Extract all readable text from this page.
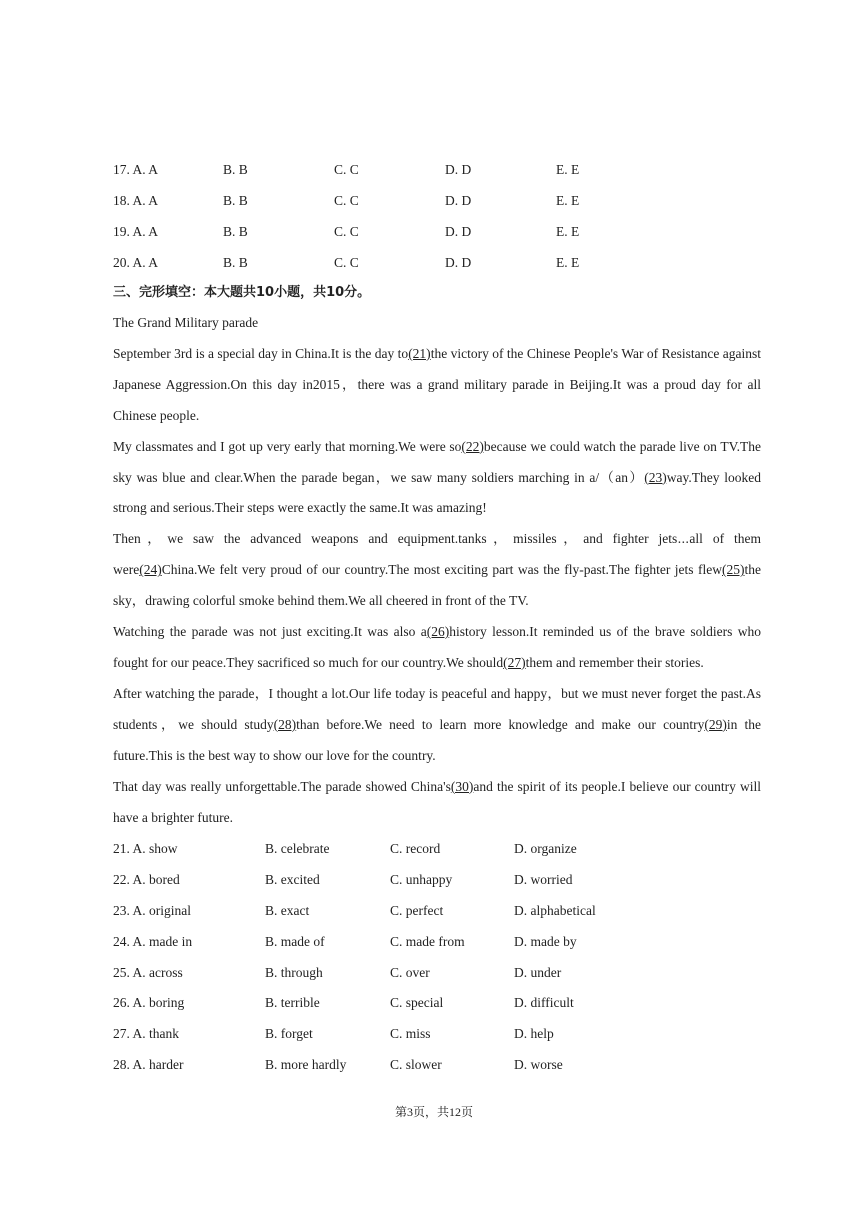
17. A. A	B. B	C. C	D. D	E. E
18. A. A	B. B	C. C	D. D	E. E
19. A. A	B. B	C. C	D. D	E. E
20. A. A	B. B	C. C	D. D	E. E
三、完形填空：本大题共10小题，共10分。

The Grand Military parade

September 3rd is a special day in China.It is the day to(21)the victory of the Chinese People's War of Resistance against Japanese Aggression.On this day in2015，there was a grand military parade in Beijing.It was a proud day for all Chinese people.

My classmates and I got up very early that morning.We were so(22)because we could watch the parade live on TV.The sky was blue and clear.When the parade began，we saw many soldiers marching in a/（an）(23)way.They looked strong and serious.Their steps were exactly the same.It was amazing!

Then，we saw the advanced weapons and equipment.tanks，missiles，and fighter jets⋯all of them were(24)China.We felt very proud of our country.The most exciting part was the fly-past.The fighter jets flew(25)the sky，drawing colorful smoke behind them.We all cheered in front of the TV.

Watching the parade was not just exciting.It was also a(26)history lesson.It reminded us of the brave soldiers who fought for our peace.They sacrificed so much for our country.We should(27)them and remember their stories.

After watching the parade，I thought a lot.Our life today is peaceful and happy，but we must never forget the past.As students，we should study(28)than before.We need to learn more knowledge and make our country(29)in the future.This is the best way to show our love for the country.

That day was really unforgettable.The parade showed China's(30)and the spirit of its people.I believe our country will have a brighter future.

21. A. show	B. celebrate	C. record	D. organize
22. A. bored	B. excited	C. unhappy	D. worried
23. A. original	B. exact	C. perfect	D. alphabetical
24. A. made in	B. made of	C. made from	D. made by
25. A. across	B. through	C. over	D. under
26. A. boring	B. terrible	C. special	D. difficult
27. A. thank	B. forget	C. miss	D. help
28. A. harder	B. more hardly	C. slower	D. worse
第3页，共12页
